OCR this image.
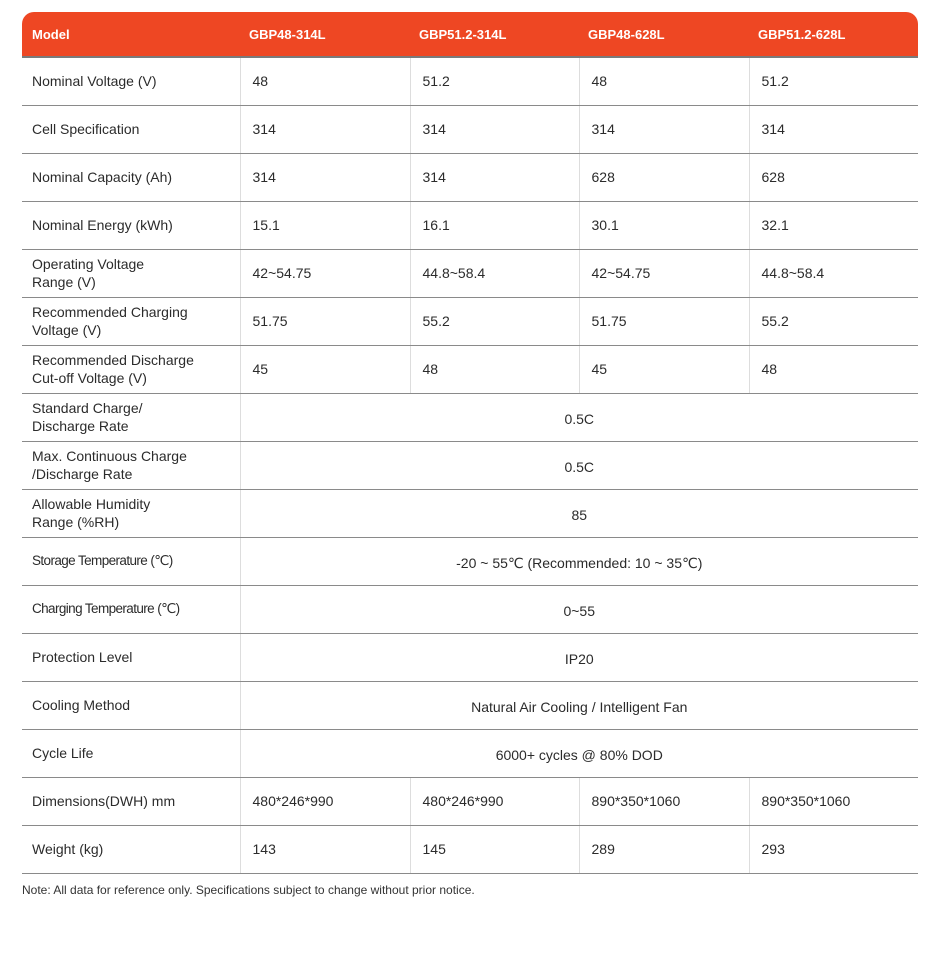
Model	GBP48-314L	GBP51.2-314L	GBP48-628L	GBP51.2-628L
Nominal Voltage (V)	48	51.2	48	51.2
Cell Specification	314	314	314	314
Nominal Capacity (Ah)	314	314	628	628
Nominal Energy (kWh)	15.1	16.1	30.1	32.1
Operating Voltage
Range (V)	42~54.75	44.8~58.4	42~54.75	44.8~58.4
Recommended Charging
Voltage (V)	51.75	55.2	51.75	55.2
Recommended Discharge
Cut-off Voltage (V)	45	48	45	48
Standard Charge/
Discharge Rate	0.5C			
Max. Continuous Charge
/Discharge Rate	0.5C			
Allowable Humidity
Range (%RH)	85			
Storage Temperature (℃)	-20 ~ 55℃ (Recommended: 10 ~ 35℃)			
Charging Temperature (℃)	0~55			
Protection Level	IP20			
Cooling Method	Natural Air Cooling / Intelligent Fan			
Cycle Life	6000+ cycles @ 80% DOD			
Dimensions(DWH) mm	480*246*990	480*246*990	890*350*1060	890*350*1060
Weight (kg)	143	145	289	293
Note: All data for reference only. Specifications subject to change without prior notice.
